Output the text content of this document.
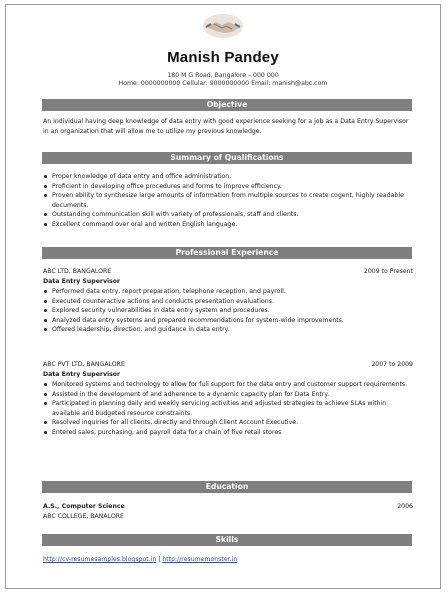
Manish Pandey
180 M G Road, Bangalore – 000 000
Home: 0000000000 Cellular: 9000000000 Email: manish@abc.com
Objective
An individual having deep knowledge of data entry with good experience seeking for a job as a Data Entry Supervisor in an organization that will allow me to utilize my previous knowledge.
Summary of Qualifications
Proper knowledge of data entry and office administration.
Proficient in developing office procedures and forms to improve efficiency.
Proven ability to synthesize large amounts of information from multiple sources to create cogent, highly readable documents.
Outstanding communication skill with variety of professionals, staff and clients.
Excellent command over oral and written English language.
Professional Experience
ABC LTD, BANGALORE	2009 to Present
Data Entry Supervisor
Performed data entry, report preparation, telephone reception, and payroll.
Executed counteractive actions and conducts presentation evaluations.
Explored security vulnerabilities in data entry system and procedures.
Analyzed data entry systems and prepared recommendations for system-wide improvements.
Offered leadership, direction, and guidance in data entry.
ABC PVT LTD, BANGALORE	2007 to 2009
Data Entry Supervisor
Monitored systems and technology to allow for full support for the data entry and customer support requirements.
Assisted in the development of and adherence to a dynamic capacity plan for Data Entry.
Participated in planning daily and weekly servicing activities and adjusted strategies to achieve SLAs within available and budgeted resource constraints.
Resolved inquiries for all clients, directly and through Client Account Executive.
Entered sales, purchasing, and payroll data for a chain of five retail stores
Education
A.S., Computer Science	2006
ABC COLLEGE, BANALORE
Skills
http://cv-resumesamples.blogspot.in | http://resumemonster.in
